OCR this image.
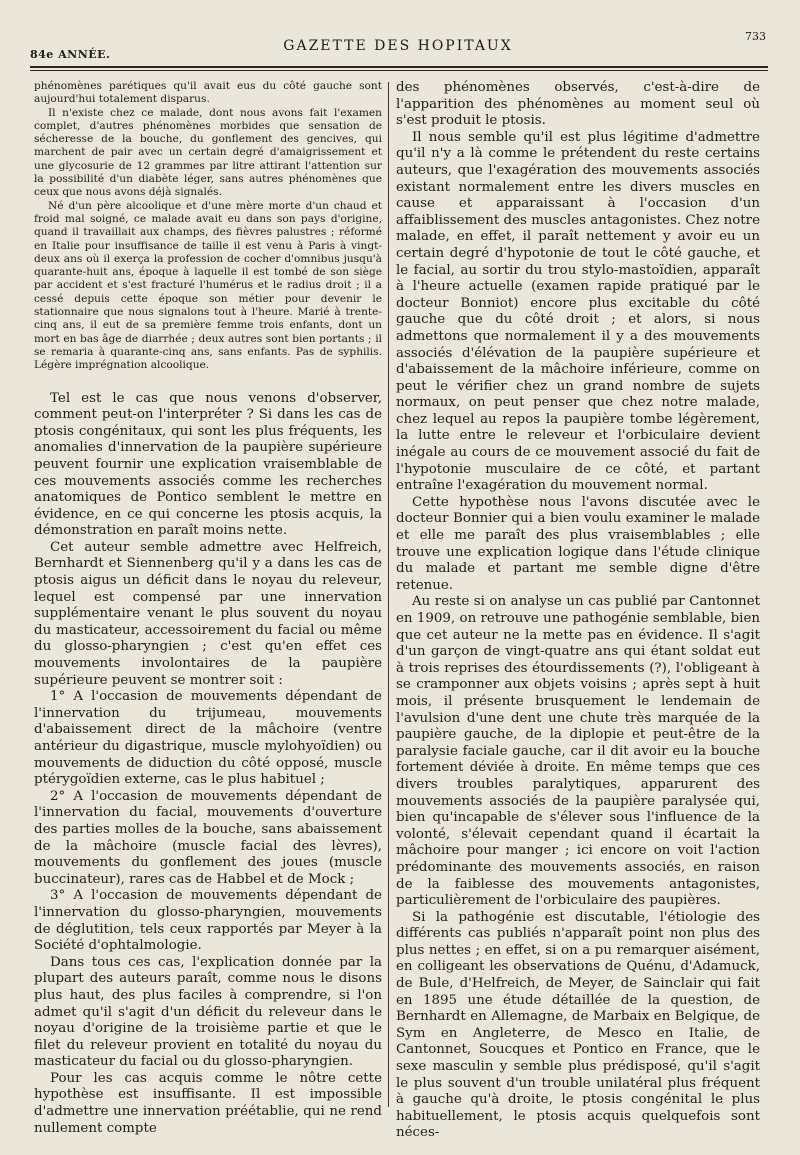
84e ANNÉE.
GAZETTE DES HOPITAUX
733

phénomènes parétiques qu'il avait eus du côté gauche sont aujourd'hui totalement disparus.

Il n'existe chez ce malade, dont nous avons fait l'examen complet, d'autres phénomènes morbides que sensation de sécheresse de la bouche, du gonflement des gencives, qui marchent de pair avec un certain degré d'amaigrissement et une glycosurie de 12 grammes par litre attirant l'attention sur la possibilité d'un diabète léger, sans autres phénomènes que ceux que nous avons déjà signalés.

Né d'un père alcoolique et d'une mère morte d'un chaud et froid mal soigné, ce malade avait eu dans son pays d'origine, quand il travaillait aux champs, des fièvres palustres ; réformé en Italie pour insuffisance de taille il est venu à Paris à vingt-deux ans où il exerça la profession de cocher d'omnibus jusqu'à quarante-huit ans, époque à laquelle il est tombé de son siège par accident et s'est fracturé l'humérus et le radius droit ; il a cessé depuis cette époque son métier pour devenir le stationnaire que nous signalons tout à l'heure. Marié à trente-cinq ans, il eut de sa première femme trois enfants, dont un mort en bas âge de diarrhée ; deux autres sont bien portants ; il se remaria à quarante-cinq ans, sans enfants. Pas de syphilis. Légère imprégnation alcoolique.

Tel est le cas que nous venons d'observer, comment peut-on l'interpréter ? Si dans les cas de ptosis congénitaux, qui sont les plus fréquents, les anomalies d'innervation de la paupière supérieure peuvent fournir une explication vraisemblable de ces mouvements associés comme les recherches anatomiques de Pontico semblent le mettre en évidence, en ce qui concerne les ptosis acquis, la démonstration en paraît moins nette.

Cet auteur semble admettre avec Helfreich, Bernhardt et Siennenberg qu'il y a dans les cas de ptosis aigus un déficit dans le noyau du releveur, lequel est compensé par une innervation supplémentaire venant le plus souvent du noyau du masticateur, accessoirement du facial ou même du glosso-pharyngien ; c'est qu'en effet ces mouvements involontaires de la paupière supérieure peuvent se montrer soit :

1° A l'occasion de mouvements dépendant de l'innervation du trijumeau, mouvements d'abaissement direct de la mâchoire (ventre antérieur du digastrique, muscle mylohyoïdien) ou mouvements de diduction du côté opposé, muscle ptérygoïdien externe, cas le plus habituel ;

2° A l'occasion de mouvements dépendant de l'innervation du facial, mouvements d'ouverture des parties molles de la bouche, sans abaissement de la mâchoire (muscle facial des lèvres), mouvements du gonflement des joues (muscle buccinateur), rares cas de Habbel et de Mock ;

3° A l'occasion de mouvements dépendant de l'innervation du glosso-pharyngien, mouvements de déglutition, tels ceux rapportés par Meyer à la Société d'ophtalmologie.

Dans tous ces cas, l'explication donnée par la plupart des auteurs paraît, comme nous le disons plus haut, des plus faciles à comprendre, si l'on admet qu'il s'agit d'un déficit du releveur dans le noyau d'origine de la troisième partie et que le filet du releveur provient en totalité du noyau du masticateur du facial ou du glosso-pharyngien.

Pour les cas acquis comme le nôtre cette hypothèse est insuffisante. Il est impossible d'admettre une innervation préétablie, qui ne rend nullement compte

des phénomènes observés, c'est-à-dire de l'apparition des phénomènes au moment seul où s'est produit le ptosis.

Il nous semble qu'il est plus légitime d'admettre qu'il n'y a là comme le prétendent du reste certains auteurs, que l'exagération des mouvements associés existant normalement entre les divers muscles en cause et apparaissant à l'occasion d'un affaiblissement des muscles antagonistes. Chez notre malade, en effet, il paraît nettement y avoir eu un certain degré d'hypotonie de tout le côté gauche, et le facial, au sortir du trou stylo-mastoïdien, apparaît à l'heure actuelle (examen rapide pratiqué par le docteur Bonniot) encore plus excitable du côté gauche que du côté droit ; et alors, si nous admettons que normalement il y a des mouvements associés d'élévation de la paupière supérieure et d'abaissement de la mâchoire inférieure, comme on peut le vérifier chez un grand nombre de sujets normaux, on peut penser que chez notre malade, chez lequel au repos la paupière tombe légèrement, la lutte entre le releveur et l'orbiculaire devient inégale au cours de ce mouvement associé du fait de l'hypotonie musculaire de ce côté, et partant entraîne l'exagération du mouvement normal.

Cette hypothèse nous l'avons discutée avec le docteur Bonnier qui a bien voulu examiner le malade et elle me paraît des plus vraisemblables ; elle trouve une explication logique dans l'étude clinique du malade et partant me semble digne d'être retenue.

Au reste si on analyse un cas publié par Cantonnet en 1909, on retrouve une pathogénie semblable, bien que cet auteur ne la mette pas en évidence. Il s'agit d'un garçon de vingt-quatre ans qui étant soldat eut à trois reprises des étourdissements (?), l'obligeant à se cramponner aux objets voisins ; après sept à huit mois, il présente brusquement le lendemain de l'avulsion d'une dent une chute très marquée de la paupière gauche, de la diplopie et peut-être de la paralysie faciale gauche, car il dit avoir eu la bouche fortement déviée à droite. En même temps que ces divers troubles paralytiques, apparurent des mouvements associés de la paupière paralysée qui, bien qu'incapable de s'élever sous l'influence de la volonté, s'élevait cependant quand il écartait la mâchoire pour manger ; ici encore on voit l'action prédominante des mouvements associés, en raison de la faiblesse des mouvements antagonistes, particulièrement de l'orbiculaire des paupières.

Si la pathogénie est discutable, l'étiologie des différents cas publiés n'apparaît point non plus des plus nettes ; en effet, si on a pu remarquer aisément, en colligeant les observations de Quénu, d'Adamuck, de Bule, d'Helfreich, de Meyer, de Sainclair qui fait en 1895 une étude détaillée de la question, de Bernhardt en Allemagne, de Marbaix en Belgique, de Sym en Angleterre, de Mesco en Italie, de Cantonnet, Soucques et Pontico en France, que le sexe masculin y semble plus prédisposé, qu'il s'agit le plus souvent d'un trouble unilatéral plus fréquent à gauche qu'à droite, le ptosis congénital le plus habituellement, le ptosis acquis quelquefois sont néces-
